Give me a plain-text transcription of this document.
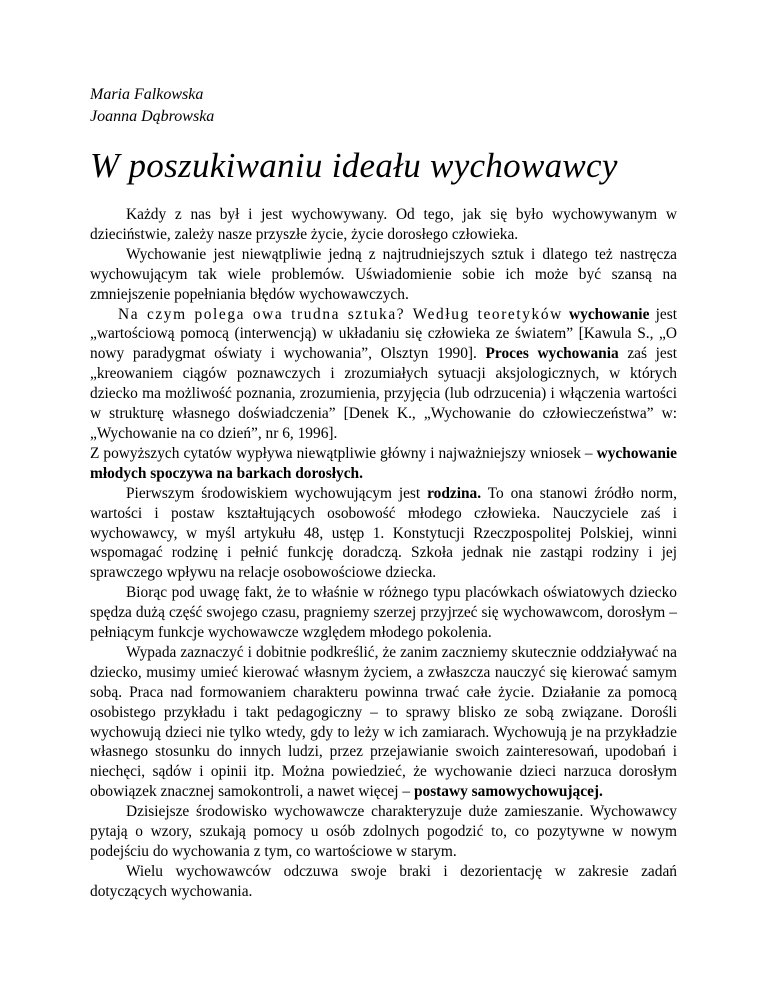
Maria Falkowska
Joanna Dąbrowska
W poszukiwaniu ideału wychowawcy

Każdy z nas był i jest wychowywany. Od tego, jak się było wychowywanym w dzieciństwie, zależy nasze przyszłe życie, życie dorosłego człowieka.

Wychowanie jest niewątpliwie jedną z najtrudniejszych sztuk i dlatego też nastręcza wychowującym tak wiele problemów. Uświadomienie sobie ich może być szansą na zmniejszenie popełniania błędów wychowawczych.

Na czym polega owa trudna sztuka? Według teoretyków wychowanie jest „wartościową pomocą (interwencją) w układaniu się człowieka ze światem” [Kawula S., „O nowy paradygmat oświaty i wychowania”, Olsztyn 1990]. Proces wychowania zaś jest „kreowaniem ciągów poznawczych i zrozumiałych sytuacji aksjologicznych, w których dziecko ma możliwość poznania, zrozumienia, przyjęcia (lub odrzucenia) i włączenia wartości w strukturę własnego doświadczenia” [Denek K., „Wychowanie do człowieczeństwa” w: „Wychowanie na co dzień”, nr 6, 1996].

Z powyższych cytatów wypływa niewątpliwie główny i najważniejszy wniosek – wychowanie młodych spoczywa na barkach dorosłych.

Pierwszym środowiskiem wychowującym jest rodzina. To ona stanowi źródło norm, wartości i postaw kształtujących osobowość młodego człowieka. Nauczyciele zaś i wychowawcy, w myśl artykułu 48, ustęp 1. Konstytucji Rzeczpospolitej Polskiej, winni wspomagać rodzinę i pełnić funkcję doradczą. Szkoła jednak nie zastąpi rodziny i jej sprawczego wpływu na relacje osobowościowe dziecka.

Biorąc pod uwagę fakt, że to właśnie w różnego typu placówkach oświatowych dziecko spędza dużą część swojego czasu, pragniemy szerzej przyjrzeć się wychowawcom, dorosłym – pełniącym funkcje wychowawcze względem młodego pokolenia.

Wypada zaznaczyć i dobitnie podkreślić, że zanim zaczniemy skutecznie oddziaływać na dziecko, musimy umieć kierować własnym życiem, a zwłaszcza nauczyć się kierować samym sobą. Praca nad formowaniem charakteru powinna trwać całe życie. Działanie za pomocą osobistego przykładu i takt pedagogiczny – to sprawy blisko ze sobą związane. Dorośli wychowują dzieci nie tylko wtedy, gdy to leży w ich zamiarach. Wychowują je na przykładzie własnego stosunku do innych ludzi, przez przejawianie swoich zainteresowań, upodobań i niechęci, sądów i opinii itp. Można powiedzieć, że wychowanie dzieci narzuca dorosłym obowiązek znacznej samokontroli, a nawet więcej – postawy samowychowującej.

Dzisiejsze środowisko wychowawcze charakteryzuje duże zamieszanie. Wychowawcy pytają o wzory, szukają pomocy u osób zdolnych pogodzić to, co pozytywne w nowym podejściu do wychowania z tym, co wartościowe w starym.

Wielu wychowawców odczuwa swoje braki i dezorientację w zakresie zadań dotyczących wychowania.
